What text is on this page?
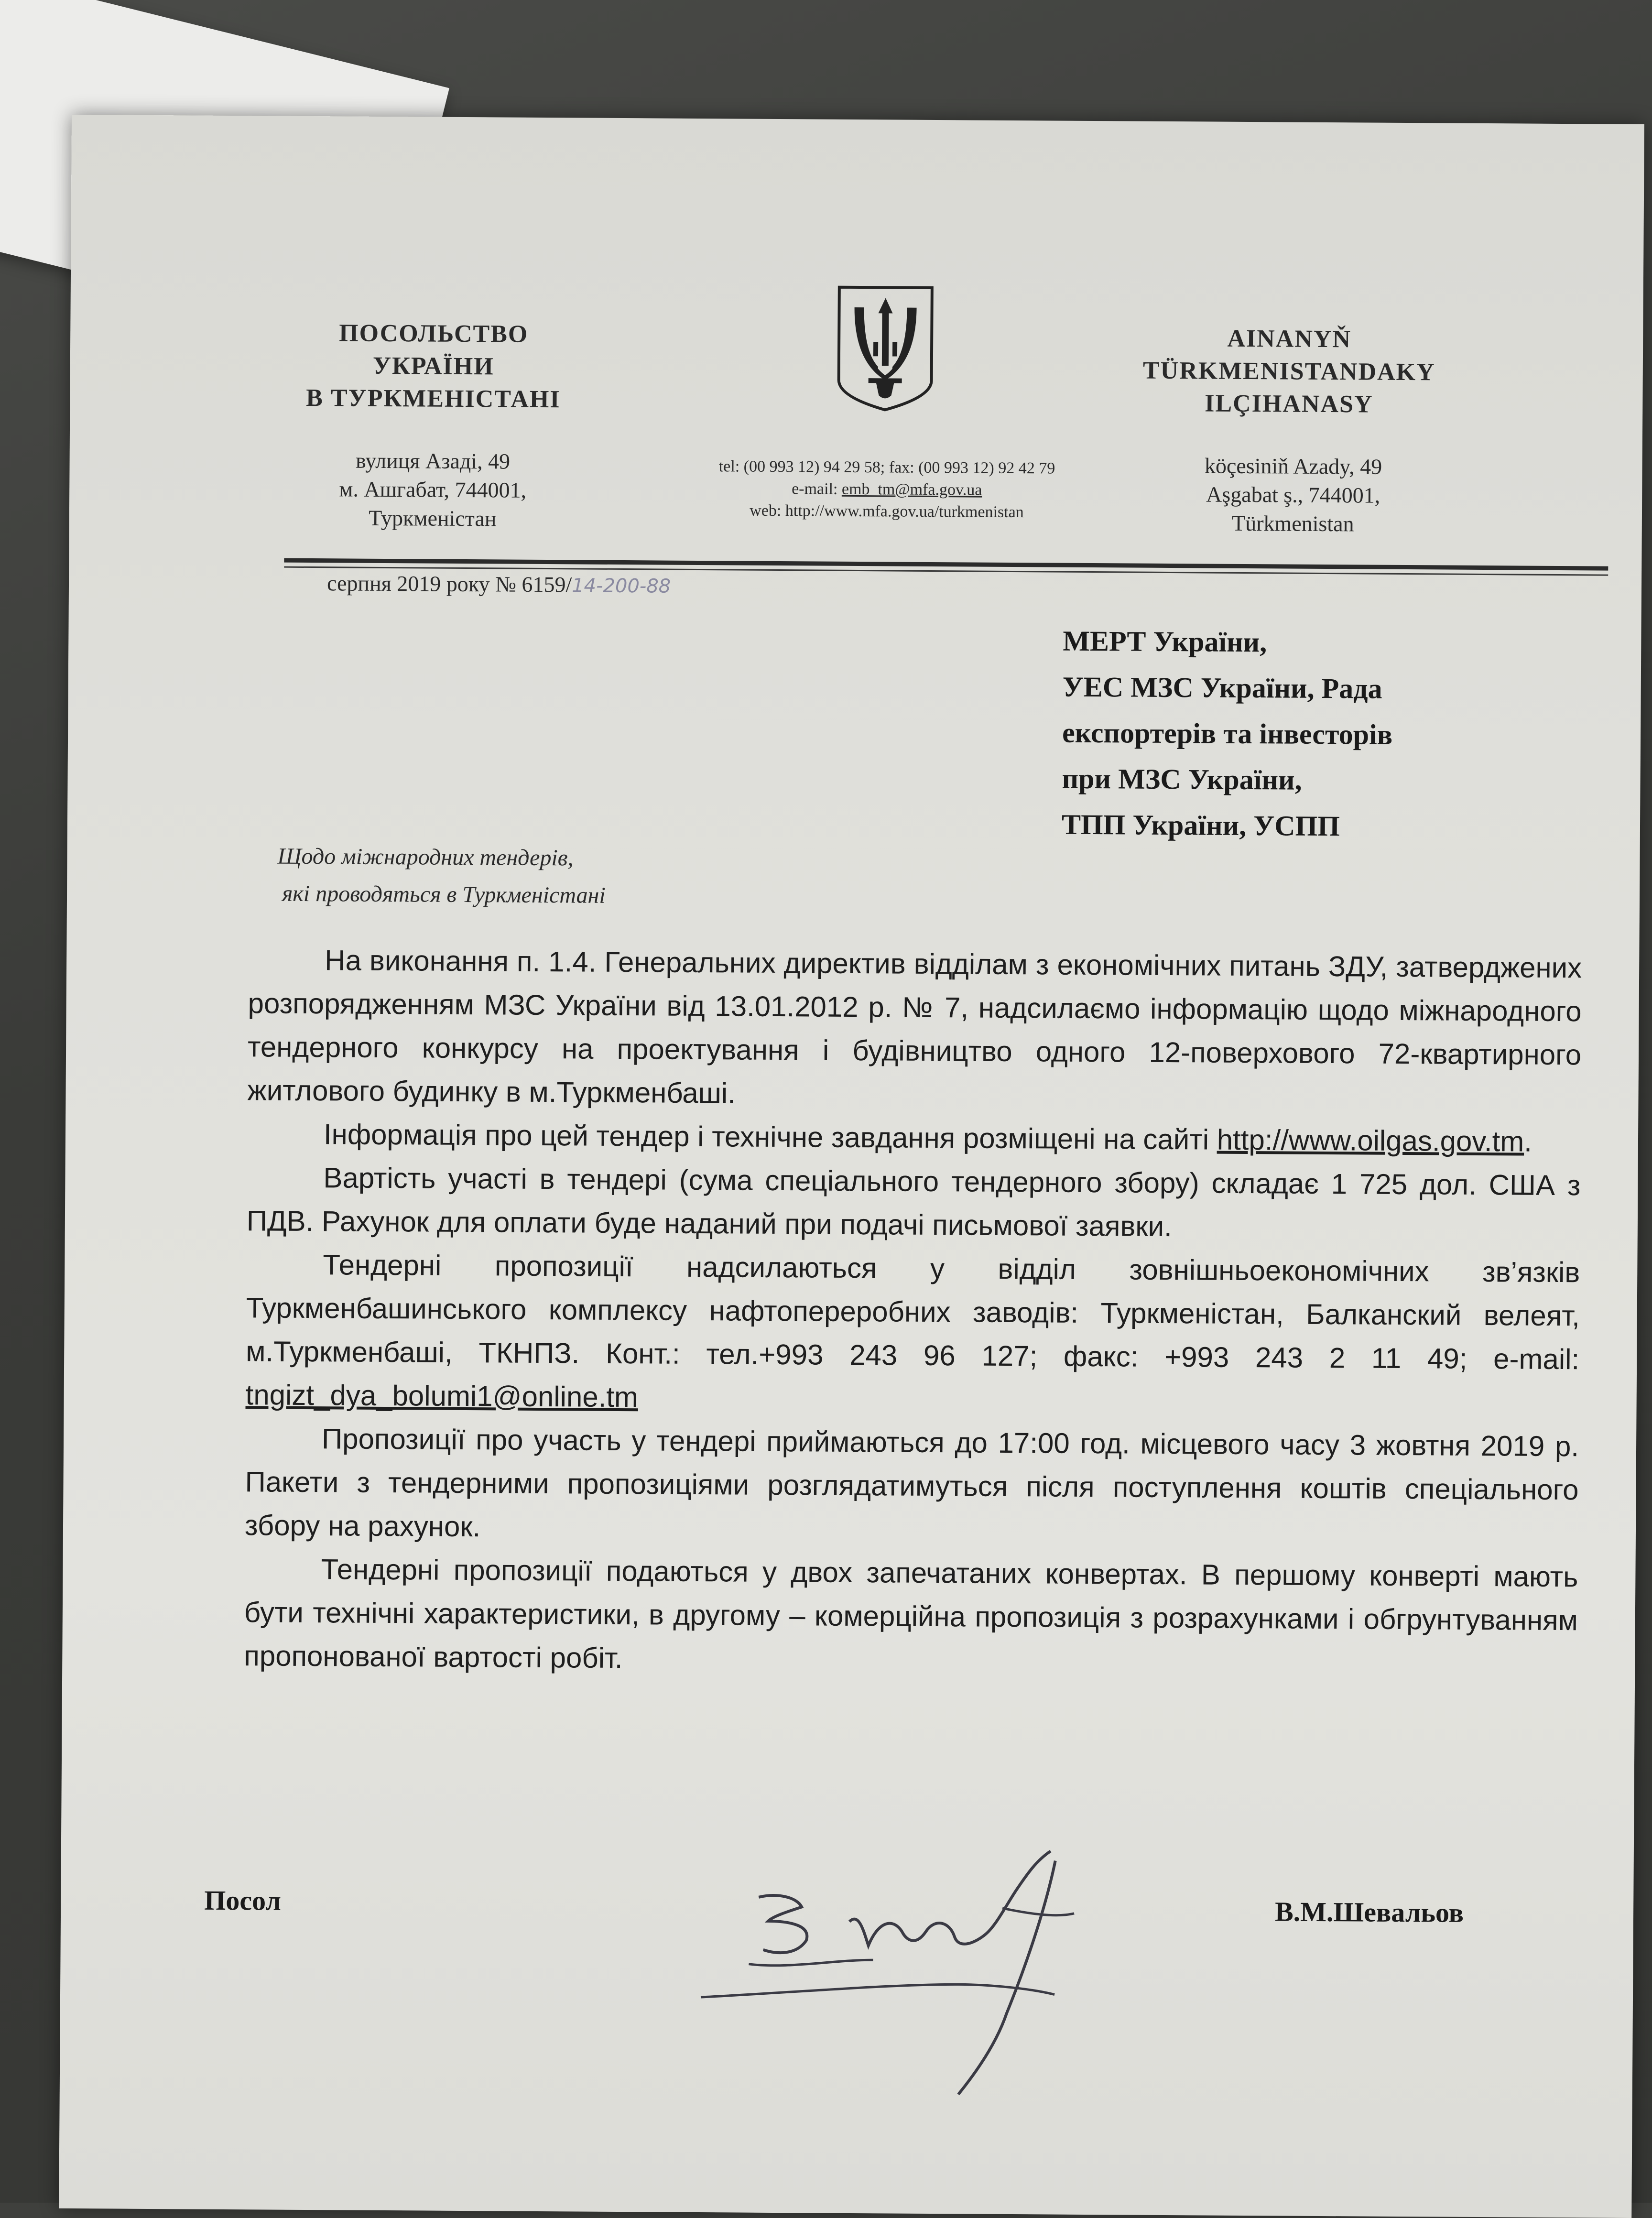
ПОСОЛЬСТВО
УКРАЇНИ
В ТУРКМЕНІСТАНІ
вулиця Азаді, 49
м. Ашгабат, 744001,
Туркменістан
tel: (00 993 12) 94 29 58; fax: (00 993 12) 92 42 79
e-mail: emb_tm@mfa.gov.ua
web: http://www.mfa.gov.ua/turkmenistan
AINANYŇ
TÜRKMENISTANDAKY
ILÇIHANASY
köçesiniň Azady, 49
Aşgabat ş., 744001,
Türkmenistan
серпня 2019 року № 6159/14-200-88
МЕРТ України,
УЕС МЗС України, Рада
експортерів та інвесторів
при МЗС України,
ТПП України, УСПП
Щодо міжнародних тендерів,
які проводяться в Туркменістані

На виконання п. 1.4. Генеральних директив відділам з економічних питань ЗДУ, затверджених розпорядженням МЗС України від 13.01.2012 р. № 7, надсилаємо інформацію щодо міжнародного тендерного конкурсу на проектування і будівництво одного 12-поверхового 72-квартирного житлового будинку в м.Туркменбаші.

Інформація про цей тендер і технічне завдання розміщені на сайті http://www.oilgas.gov.tm.

Вартість участі в тендері (сума спеціального тендерного збору) складає 1 725 дол. США з ПДВ. Рахунок для оплати буде наданий при подачі письмової заявки.

Тендерні пропозиції надсилаються у відділ зовнішньоекономічних зв’язків Туркменбашинського комплексу нафтопереробних заводів: Туркменістан, Балканский велеят, м.Туркменбаші, ТКНПЗ. Конт.: тел.+993 243 96 127; факс: +993 243 2 11 49; e-mail: tngizt_dya_bolumi1@online.tm

Пропозиції про участь у тендері приймаються до 17:00 год. місцевого часу 3 жовтня 2019 р. Пакети з тендерними пропозиціями розглядатимуться після поступлення коштів спеціального збору на рахунок.

Тендерні пропозиції подаються у двох запечатаних конвертах. В першому конверті мають бути технічні характеристики, в другому – комерційна пропозиція з розрахунками і обгрунтуванням пропонованої вартості робіт.

Посол	В.М.Шевальов
